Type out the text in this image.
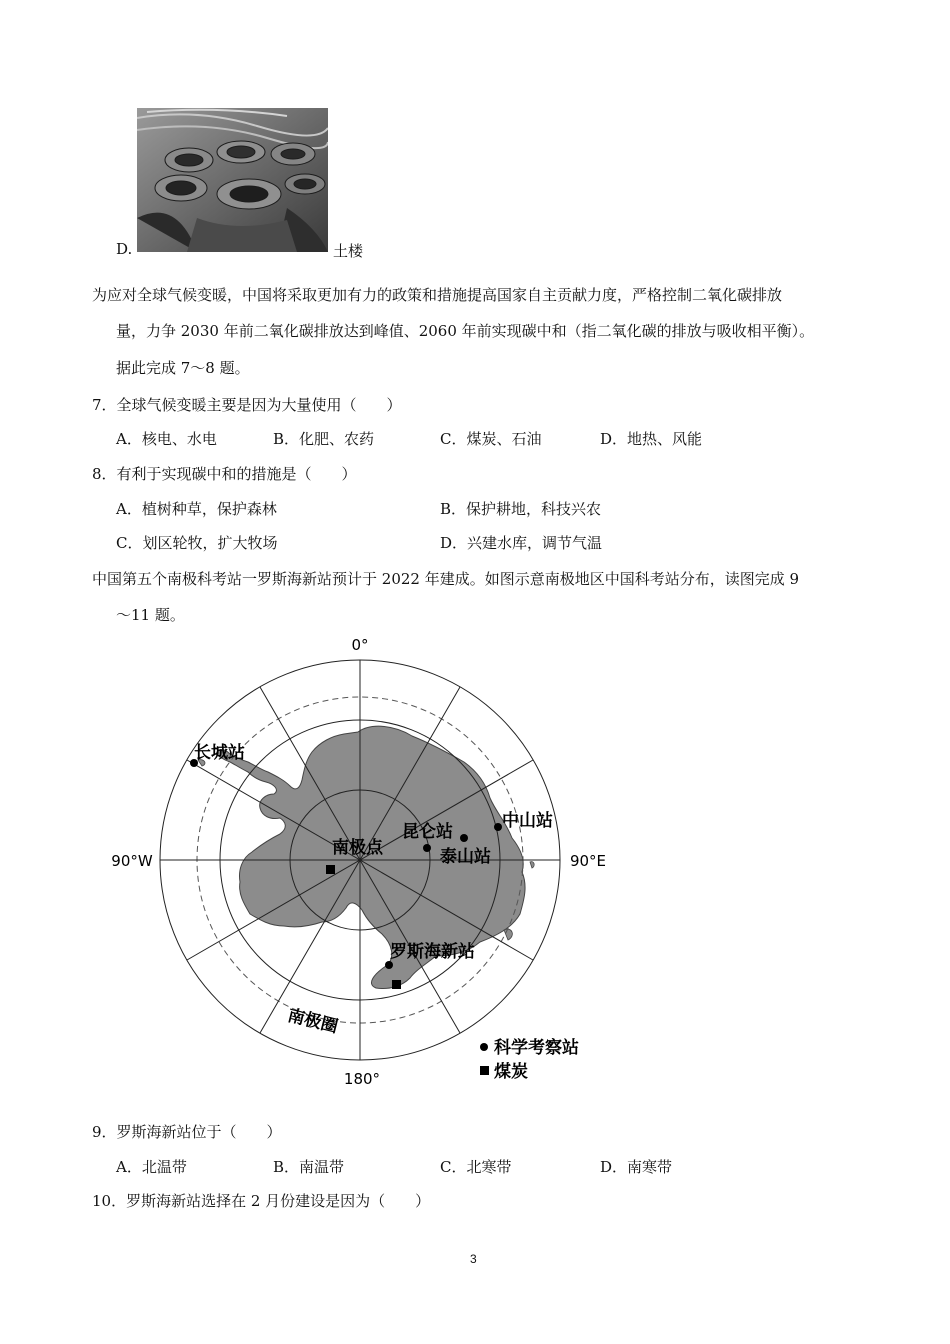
D.	土楼
为应对全球气候变暖，中国将采取更加有力的政策和措施提高国家自主贡献力度，严格控制二氧化碳排放
量，力争 2030 年前二氧化碳排放达到峰值、2060 年前实现碳中和（指二氧化碳的排放与吸收相平衡）。
据此完成 7～8 题。
7．全球气候变暖主要是因为大量使用（　　）
A．核电、水电	B．化肥、农药	C．煤炭、石油	D．地热、风能
8．有利于实现碳中和的措施是（　　）
A．植树种草，保护森林	B．保护耕地，科技兴农
C．划区轮牧，扩大牧场	D．兴建水库，调节气温
中国第五个南极科考站一罗斯海新站预计于 2022 年建成。如图示意南极地区中国科考站分布，读图完成 9
～11 题。
0°
90°W	90°E
180°
长城站
中山站
昆仑站
泰山站
南极点
罗斯海新站
南极圈
科学考察站
煤炭
9．罗斯海新站位于（　　）
A．北温带	B．南温带	C．北寒带	D．南寒带
10．罗斯海新站选择在 2 月份建设是因为（　　）
3
